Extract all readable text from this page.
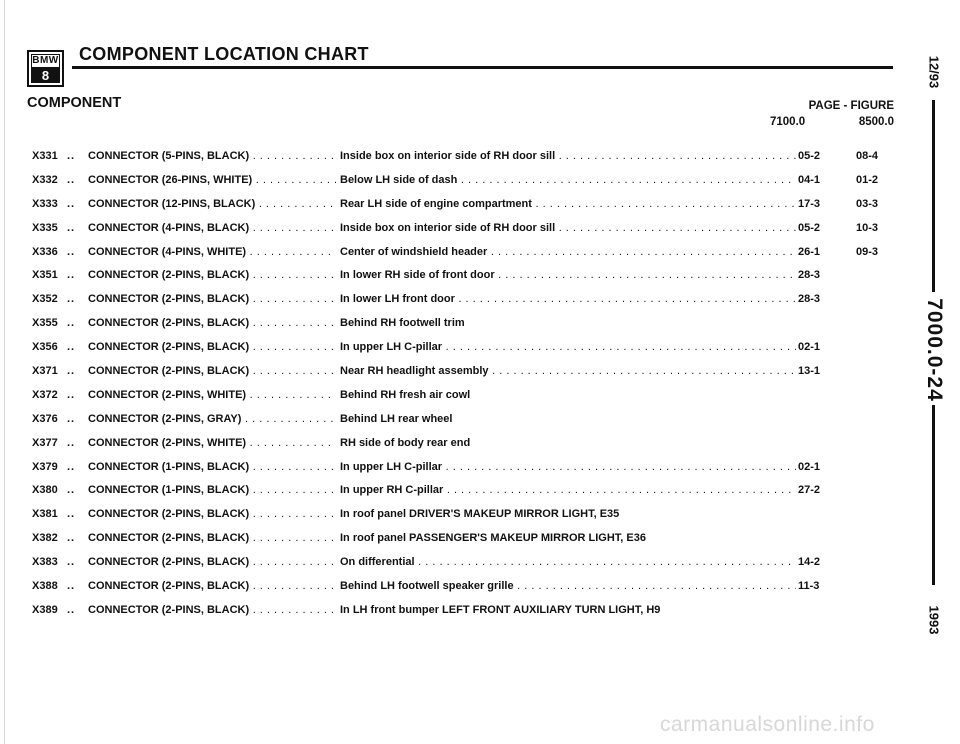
BMW
8
COMPONENT LOCATION CHART
COMPONENT	PAGE - FIGURE
7100.0	8500.0
X331 .. CONNECTOR (5-PINS, BLACK) . . .	Inside box on interior side of RH door sill . . .	05-2	08-4
X332 .. CONNECTOR (26-PINS, WHITE) . . .	Below LH side of dash . . .	04-1	01-2
X333 .. CONNECTOR (12-PINS, BLACK) . . .	Rear LH side of engine compartment . . .	17-3	03-3
X335 .. CONNECTOR (4-PINS, BLACK) . . .	Inside box on interior side of RH door sill . . .	05-2	10-3
X336 .. CONNECTOR (4-PINS, WHITE) . . .	Center of windshield header . . .	26-1	09-3
X351 .. CONNECTOR (2-PINS, BLACK) . . .	In lower RH side of front door . . .	28-3
X352 .. CONNECTOR (2-PINS, BLACK) . . .	In lower LH front door . . .	28-3
X355 .. CONNECTOR (2-PINS, BLACK) . . .	Behind RH footwell trim
X356 .. CONNECTOR (2-PINS, BLACK) . . .	In upper LH C-pillar . . .	02-1
X371 .. CONNECTOR (2-PINS, BLACK) . . .	Near RH headlight assembly . . .	13-1
X372 .. CONNECTOR (2-PINS, WHITE) . . .	Behind RH fresh air cowl
X376 .. CONNECTOR (2-PINS, GRAY) . . .	Behind LH rear wheel
X377 .. CONNECTOR (2-PINS, WHITE) . . .	RH side of body rear end
X379 .. CONNECTOR (1-PINS, BLACK) . . .	In upper LH C-pillar . . .	02-1
X380 .. CONNECTOR (1-PINS, BLACK) . . .	In upper RH C-pillar . . .	27-2
X381 .. CONNECTOR (2-PINS, BLACK) . . .	In roof panel DRIVER'S MAKEUP MIRROR LIGHT, E35
X382 .. CONNECTOR (2-PINS, BLACK) . . .	In roof panel PASSENGER'S MAKEUP MIRROR LIGHT, E36
X383 .. CONNECTOR (2-PINS, BLACK) . . .	On differential . . .	14-2
X388 .. CONNECTOR (2-PINS, BLACK) . . .	Behind LH footwell speaker grille . . .	11-3
X389 .. CONNECTOR (2-PINS, BLACK) . . .	In LH front bumper LEFT FRONT AUXILIARY TURN LIGHT, H9
12/93
7000.0-24
1993
carmanualsonline.info
